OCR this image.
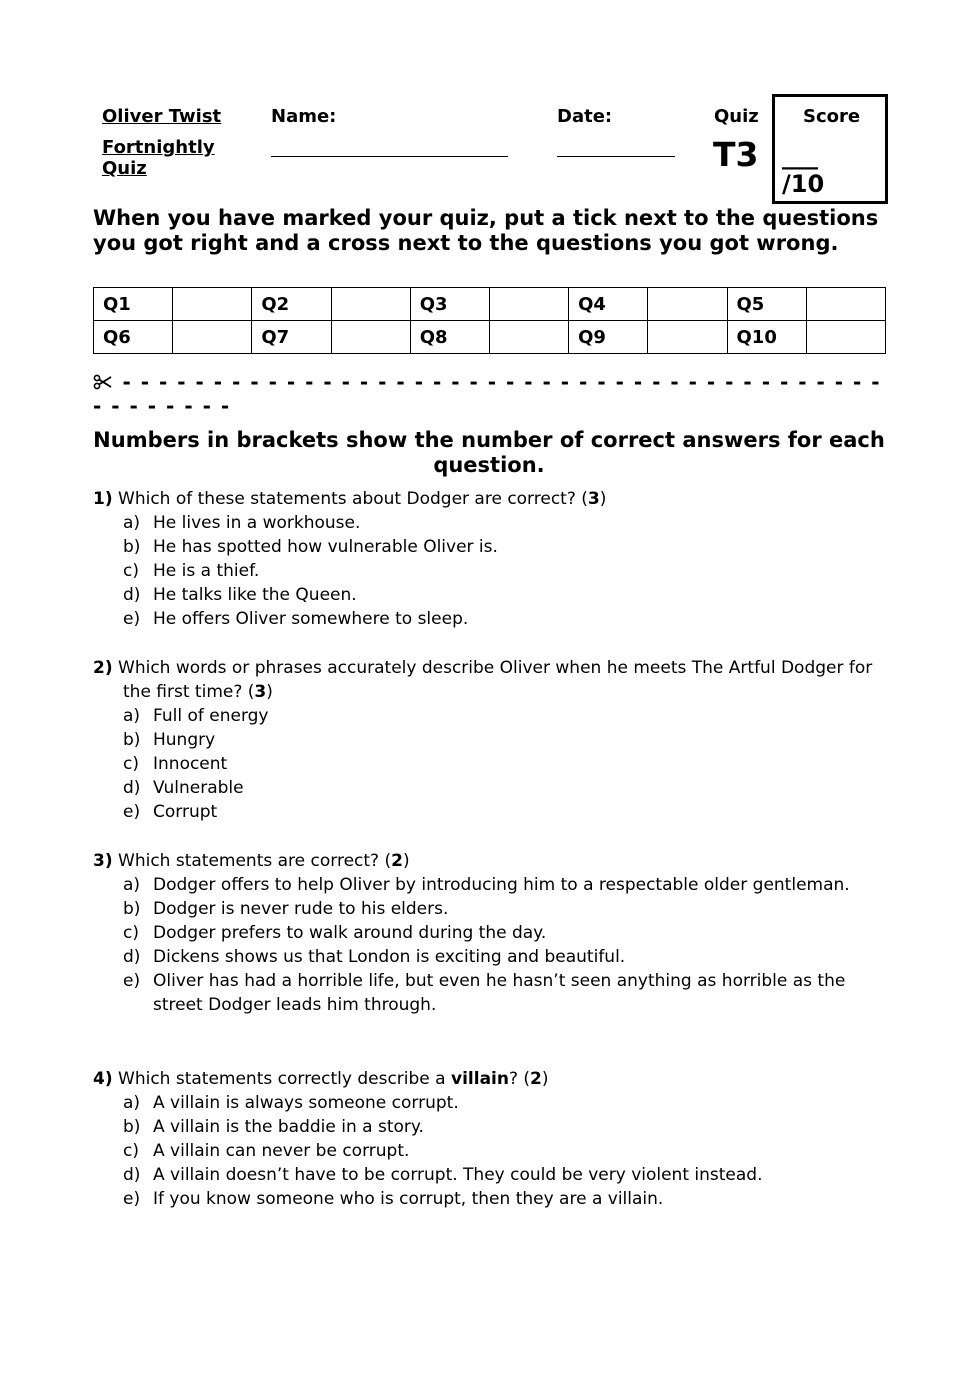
Oliver Twist
Fortnightly
Quiz
Name:	Date:	Quiz
T3
Score
___
/10
When you have marked your quiz, put a tick next to the questions you got right and a cross next to the questions you got wrong.
Q1		Q2		Q3		Q4		Q5	
Q6		Q7		Q8		Q9		Q10	
- - - - - - - - - - - - - - - - - - - - - - - - - - - - - - - - - - - - - - - - - - - - - - - - - -
Numbers in brackets show the number of correct answers for each question.
1) Which of these statements about Dodger are correct? (3)
a) He lives in a workhouse.
b) He has spotted how vulnerable Oliver is.
c) He is a thief.
d) He talks like the Queen.
e) He offers Oliver somewhere to sleep.
2) Which words or phrases accurately describe Oliver when he meets The Artful Dodger for the first time? (3)
a) Full of energy
b) Hungry
c) Innocent
d) Vulnerable
e) Corrupt
3) Which statements are correct? (2)
a) Dodger offers to help Oliver by introducing him to a respectable older gentleman.
b) Dodger is never rude to his elders.
c) Dodger prefers to walk around during the day.
d) Dickens shows us that London is exciting and beautiful.
e) Oliver has had a horrible life, but even he hasn’t seen anything as horrible as the street Dodger leads him through.
4) Which statements correctly describe a villain? (2)
a) A villain is always someone corrupt.
b) A villain is the baddie in a story.
c) A villain can never be corrupt.
d) A villain doesn’t have to be corrupt. They could be very violent instead.
e) If you know someone who is corrupt, then they are a villain.
